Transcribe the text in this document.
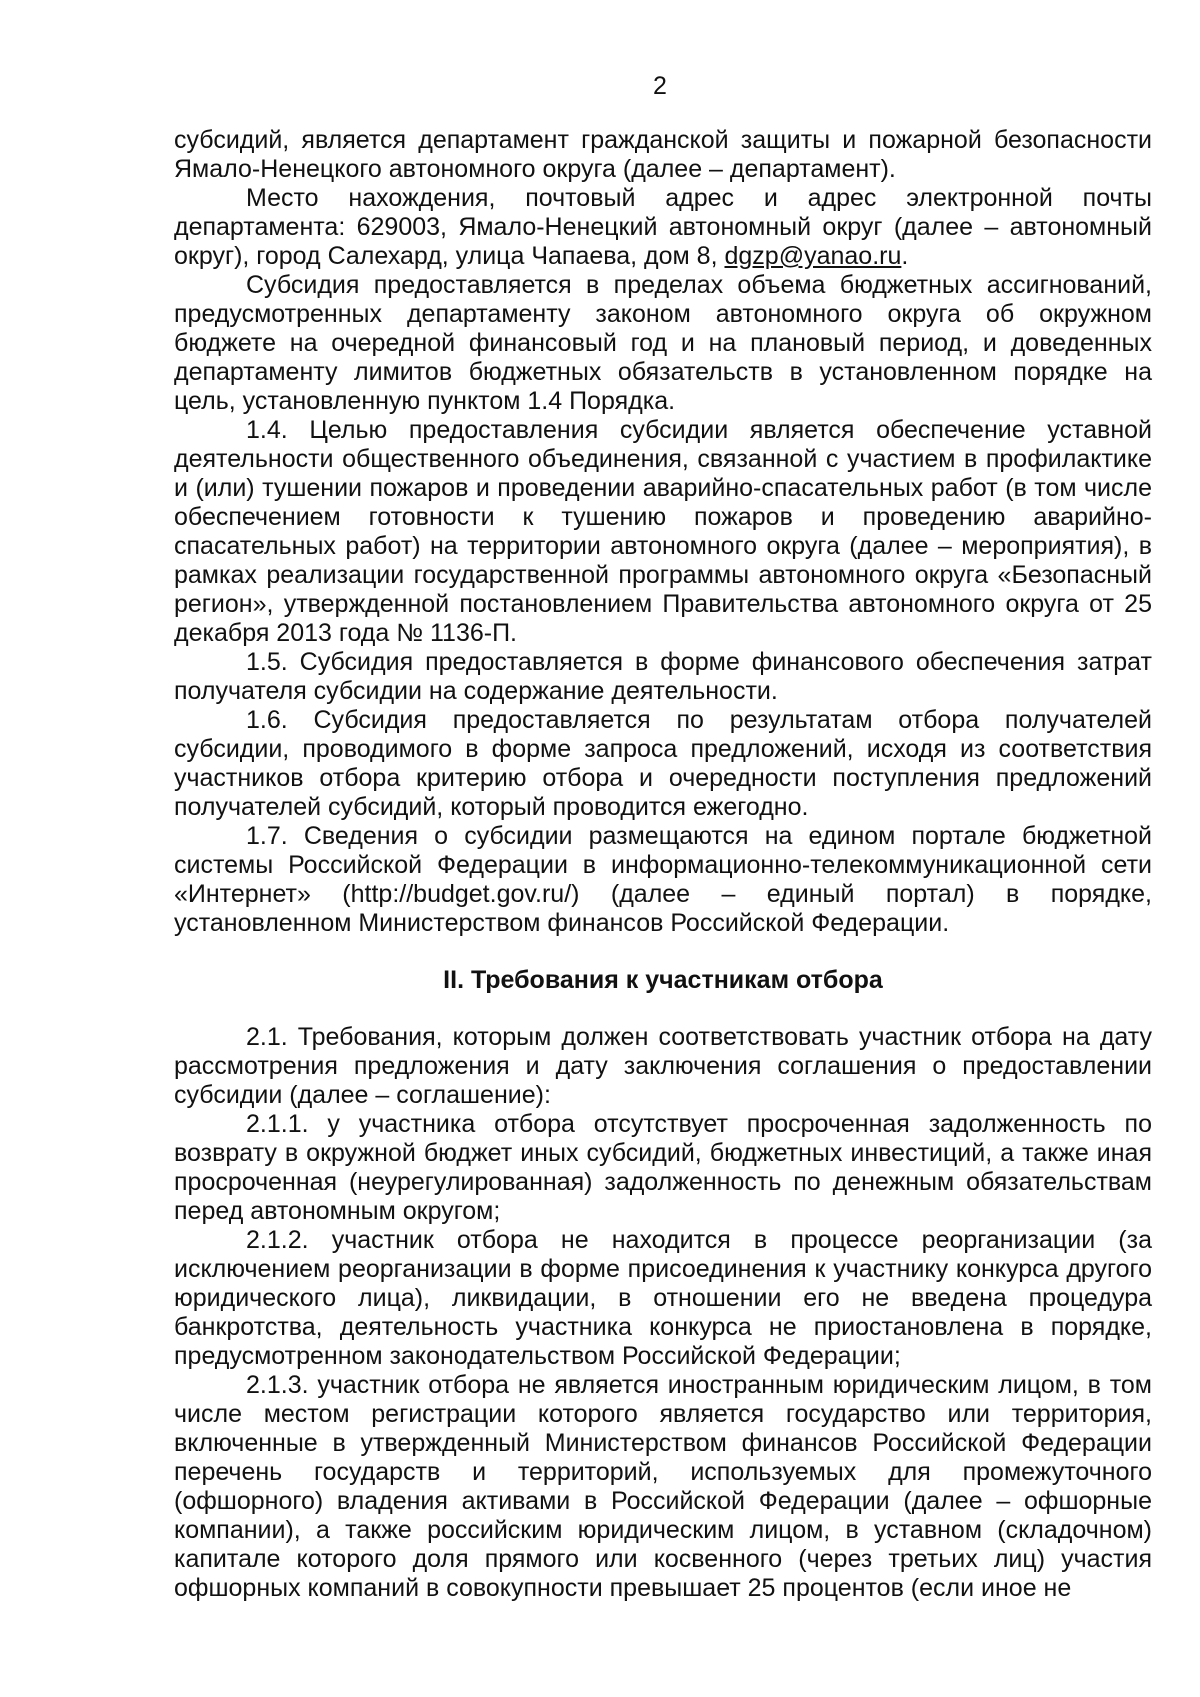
2

субсидий, является департамент гражданской защиты и пожарной безопасности Ямало-Ненецкого автономного округа (далее – департамент).

Место нахождения, почтовый адрес и адрес электронной почты департамента: 629003, Ямало-Ненецкий автономный округ (далее – автономный округ), город Салехард, улица Чапаева, дом 8, dgzp@yanao.ru.

Субсидия предоставляется в пределах объема бюджетных ассигнований, предусмотренных департаменту законом автономного округа об окружном бюджете на очередной финансовый год и на плановый период, и доведенных департаменту лимитов бюджетных обязательств в установленном порядке на цель, установленную пунктом 1.4 Порядка.

1.4. Целью предоставления субсидии является обеспечение уставной деятельности общественного объединения, связанной с участием в профилактике и (или) тушении пожаров и проведении аварийно-спасательных работ (в том числе обеспечением готовности к тушению пожаров и проведению аварийно-спасательных работ) на территории автономного округа (далее – мероприятия), в рамках реализации государственной программы автономного округа «Безопасный регион», утвержденной постановлением Правительства автономного округа от 25 декабря 2013 года № 1136-П.

1.5. Субсидия предоставляется в форме финансового обеспечения затрат получателя субсидии на содержание деятельности.

1.6. Субсидия предоставляется по результатам отбора получателей субсидии, проводимого в форме запроса предложений, исходя из соответствия участников отбора критерию отбора и очередности поступления предложений получателей субсидий, который проводится ежегодно.

1.7. Сведения о субсидии размещаются на едином портале бюджетной системы Российской Федерации в информационно-телекоммуникационной сети «Интернет» (http://budget.gov.ru/) (далее – единый портал) в порядке, установленном Министерством финансов Российской Федерации.

II. Требования к участникам отбора

2.1. Требования, которым должен соответствовать участник отбора на дату рассмотрения предложения и дату заключения соглашения о предоставлении субсидии (далее – соглашение):

2.1.1. у участника отбора отсутствует просроченная задолженность по возврату в окружной бюджет иных субсидий, бюджетных инвестиций, а также иная просроченная (неурегулированная) задолженность по денежным обязательствам перед автономным округом;

2.1.2. участник отбора не находится в процессе реорганизации (за исключением реорганизации в форме присоединения к участнику конкурса другого юридического лица), ликвидации, в отношении его не введена процедура банкротства, деятельность участника конкурса не приостановлена в порядке, предусмотренном законодательством Российской Федерации;

2.1.3. участник отбора не является иностранным юридическим лицом, в том числе местом регистрации которого является государство или территория, включенные в утвержденный Министерством финансов Российской Федерации перечень государств и территорий, используемых для промежуточного (офшорного) владения активами в Российской Федерации (далее – офшорные компании), а также российским юридическим лицом, в уставном (складочном) капитале которого доля прямого или косвенного (через третьих лиц) участия офшорных компаний в совокупности превышает 25 процентов (если иное не
